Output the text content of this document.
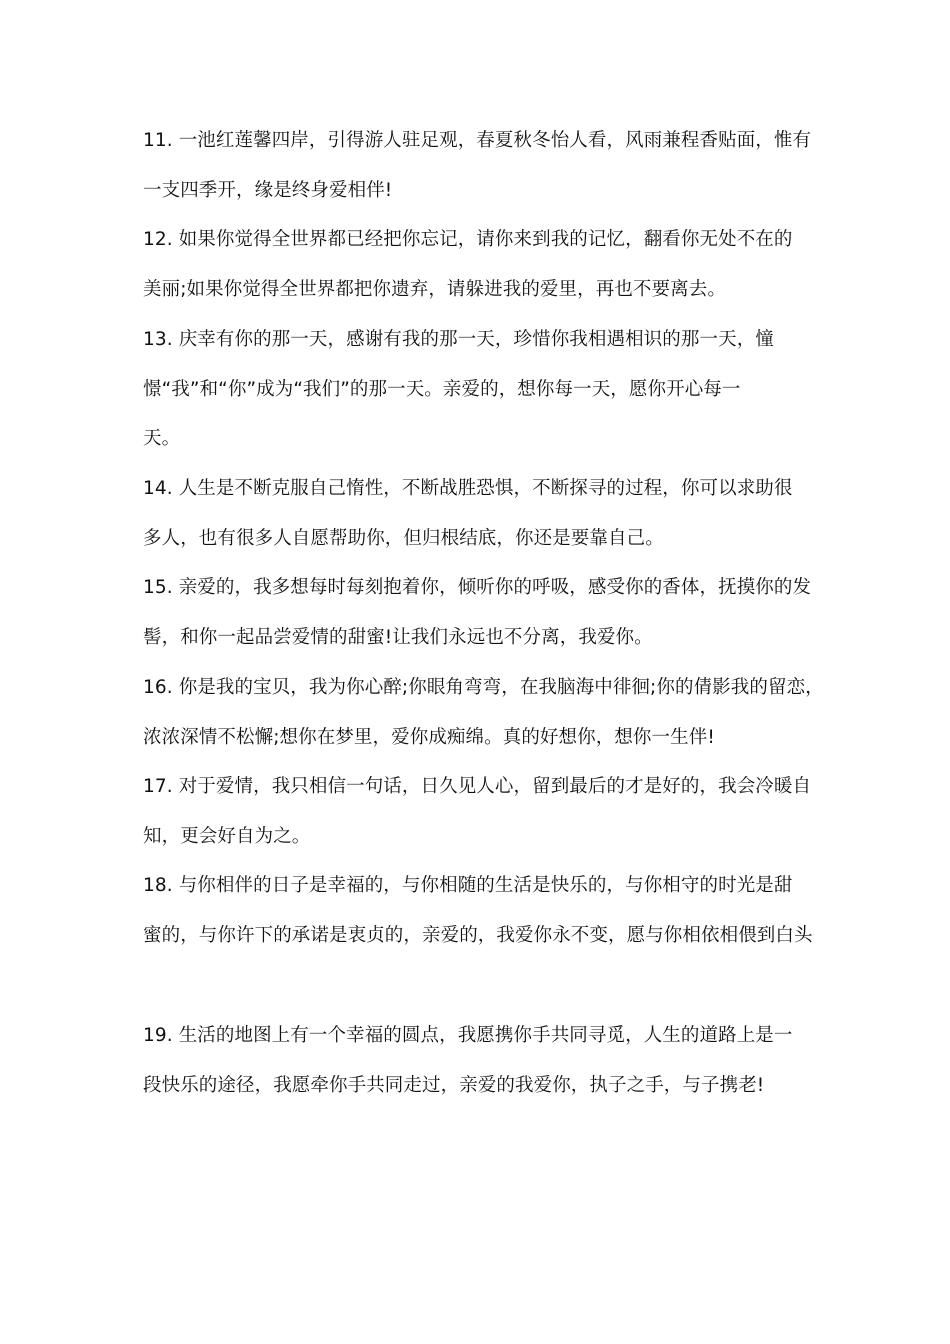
11. 一池红莲馨四岸，引得游人驻足观，春夏秋冬怡人看，风雨兼程香贴面，惟有
一支四季开，缘是终身爱相伴!

12. 如果你觉得全世界都已经把你忘记，请你来到我的记忆，翻看你无处不在的
美丽;如果你觉得全世界都把你遗弃，请躲进我的爱里，再也不要离去。

13. 庆幸有你的那一天，感谢有我的那一天，珍惜你我相遇相识的那一天，憧
憬“我”和“你”成为“我们”的那一天。亲爱的，想你每一天，愿你开心每一
天。

14. 人生是不断克服自己惰性，不断战胜恐惧，不断探寻的过程，你可以求助很
多人，也有很多人自愿帮助你，但归根结底，你还是要靠自己。

15. 亲爱的，我多想每时每刻抱着你，倾听你的呼吸，感受你的香体，抚摸你的发
髻，和你一起品尝爱情的甜蜜!让我们永远也不分离，我爱你。

16. 你是我的宝贝，我为你心醉;你眼角弯弯，在我脑海中徘徊;你的倩影我的留恋，
浓浓深情不松懈;想你在梦里，爱你成痴绵。真的好想你，想你一生伴!

17. 对于爱情，我只相信一句话，日久见人心，留到最后的才是好的，我会冷暖自
知，更会好自为之。

18. 与你相伴的日子是幸福的，与你相随的生活是快乐的，与你相守的时光是甜
蜜的，与你许下的承诺是衷贞的，亲爱的，我爱你永不变，愿与你相依相偎到白头

19. 生活的地图上有一个幸福的圆点，我愿携你手共同寻觅，人生的道路上是一
段快乐的途径，我愿牵你手共同走过，亲爱的我爱你，执子之手，与子携老!
